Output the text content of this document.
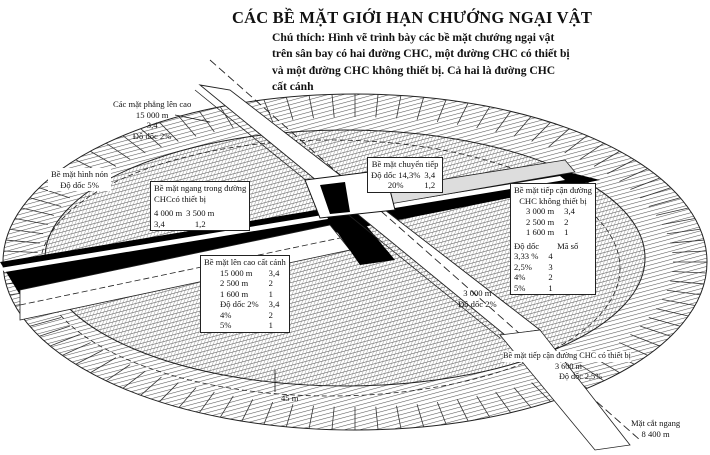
CÁC BỀ MẶT GIỚI HẠN CHƯỚNG NGẠI VẬT
Chú thích: Hình vẽ trình bày các bề mặt chướng ngại vật trên sân bay có hai đường CHC, một đường CHC có thiết bị và một đường CHC không thiết bị. Cả hai là đường CHC cất cánh
Các mặt phẳng lên cao
15 000 m
3,4
Độ dốc 2%
Bề mặt hình nón
Độ dốc 5%
Bề mặt chuyển tiếp
Độ dốc 14,3%	3,4
20%	1,2
Bề mặt ngang trong đường
CHCcó thiết bị
4 000 m	3 500 m
3,4	1,2
Bề mặt tiếp cận đường
CHC không thiết bị
3 000 m	3,4
2 500 m	2
1 600 m	1
Độ dốc	Mã số
3,33 %	4
2,5%	3
4%	2
5%	1
Bề mặt lên cao cất cánh
15 000 m	3,4
2 500 m	2
1 600 m	1
Độ dốc 2%	3,4
4%	2
5%	1
3 000 m
Độ dốc 2%
Bề mặt tiếp cận đường CHC có thiết bị
3 600 m
Độ dốc 2,5%
45 m
Mặt cắt ngang
8 400 m
